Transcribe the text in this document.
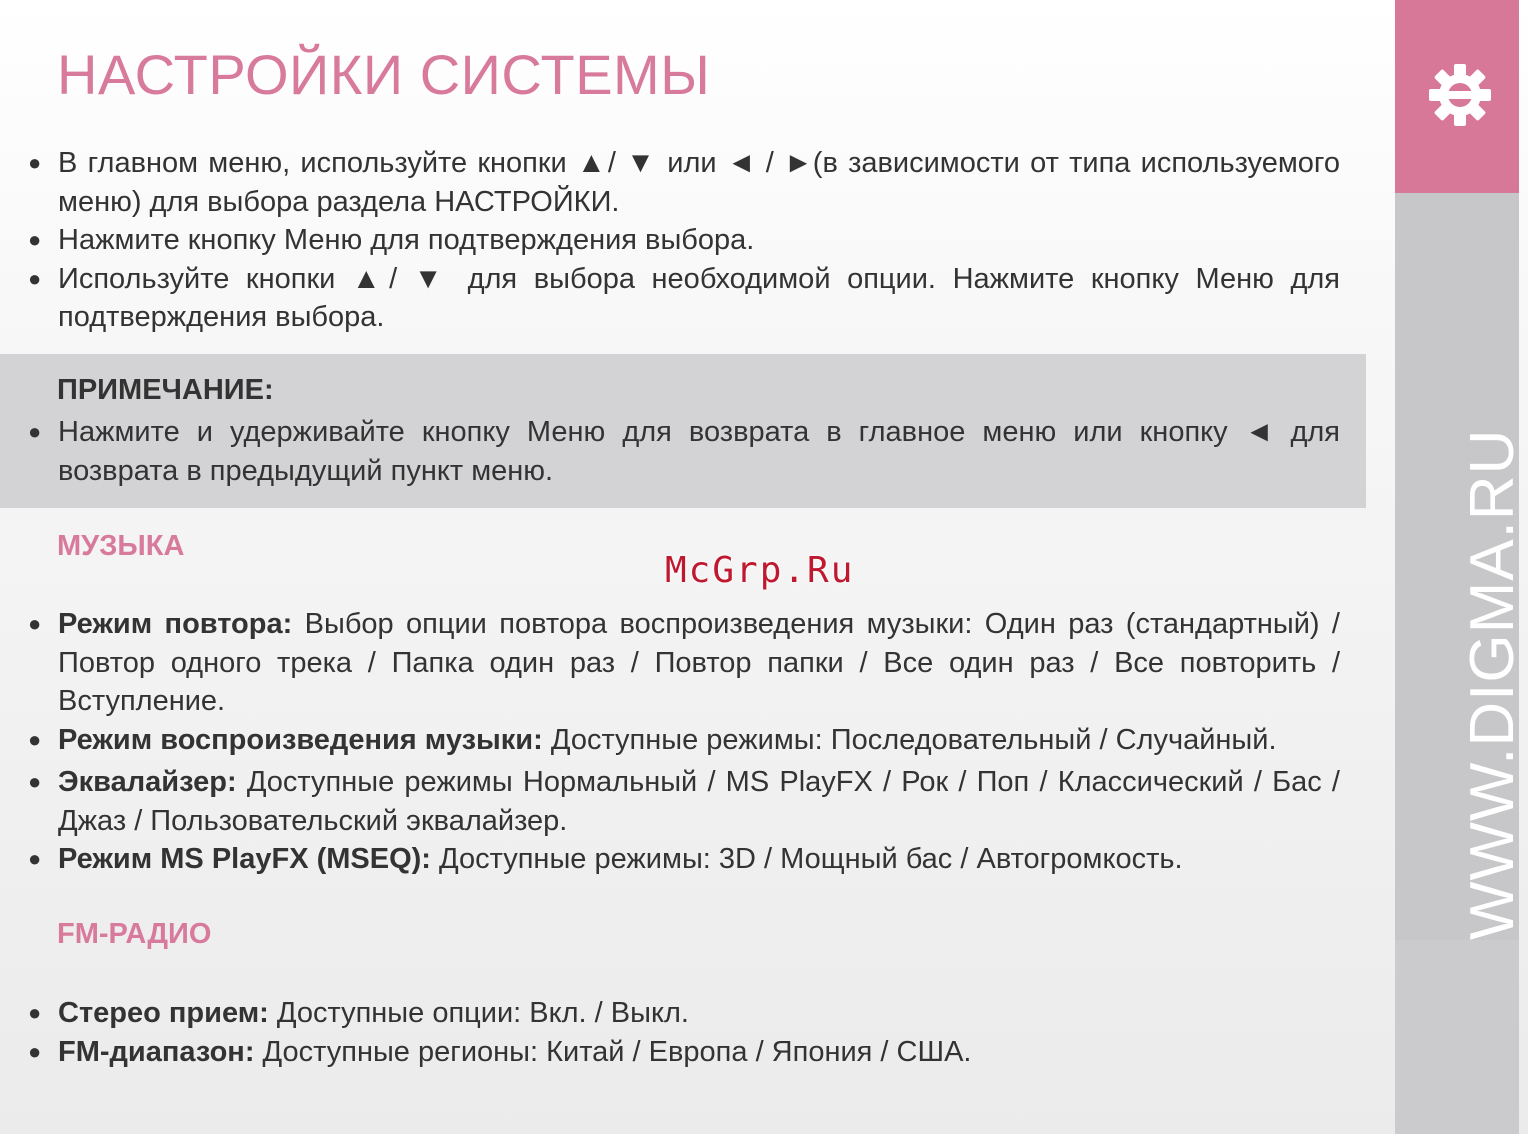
НАСТРОЙКИ СИСТЕМЫ
● В главном меню, используйте кнопки ▲/ ▼ или ◄ / ►(в зависимости от типа используемого меню) для выбора раздела НАСТРОЙКИ.
● Нажмите кнопку Меню для подтверждения выбора.
● Используйте кнопки ▲/ ▼ для выбора необходимой опции. Нажмите кнопку Меню для подтверждения выбора.

ПРИМЕЧАНИЕ:

● Нажмите и удерживайте кнопку Меню для возврата в главное меню или кнопку ◄ для возврата в предыдущий пункт меню.
МУЗЫКА
McGrp.Ru
● Режим повтора: Выбор опции повтора воспроизведения музыки: Один раз (стандартный) / Повтор одного трека / Папка один раз / Повтор папки / Все один раз / Все повторить / Вступление.
● Режим воспроизведения музыки: Доступные режимы: Последовательный / Случайный.
● Эквалайзер: Доступные режимы Нормальный / MS PlayFX / Рок / Поп / Классический / Бас / Джаз / Пользовательский эквалайзер.
● Режим MS PlayFX (MSEQ): Доступные режимы: 3D / Мощный бас / Автогромкость.
FM-РАДИО
● Стерео прием: Доступные опции: Вкл. / Выкл.
● FM-диапазон: Доступные регионы: Китай / Европа / Япония / США.
WWW.DIGMA.RU
